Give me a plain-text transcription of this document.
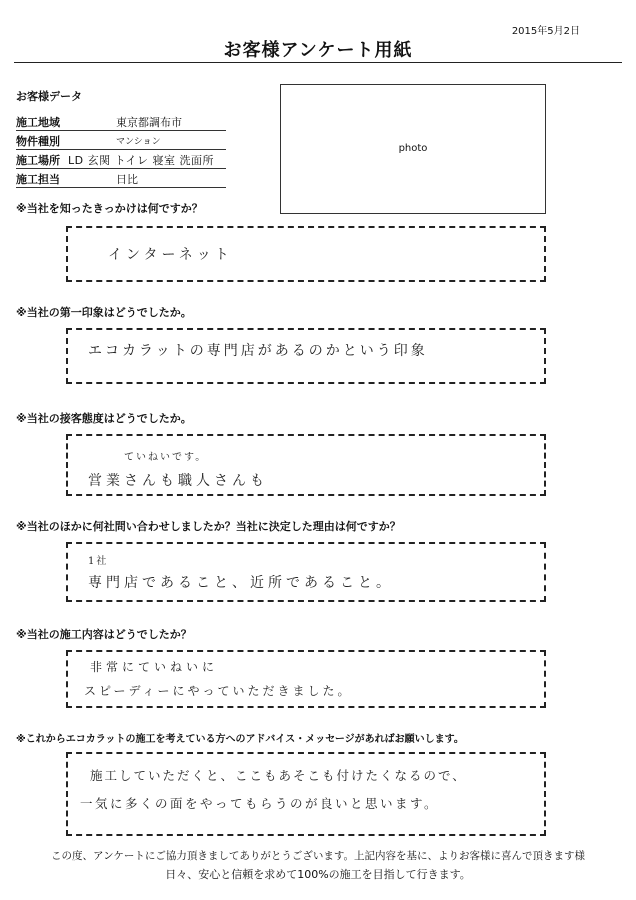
2015年5月2日
お客様アンケート用紙
お客様データ
施工地域	東京都調布市
物件種別	マンション
施工場所 LD 玄関 トイレ 寝室 洗面所
施工担当	日比
photo
※当社を知ったきっかけは何ですか？
インターネット
※当社の第一印象はどうでしたか。
エコカラットの専門店があるのかという印象
※当社の接客態度はどうでしたか。
ていねいです。
営業さんも職人さんも
※当社のほかに何社問い合わせしましたか？当社に決定した理由は何ですか？
1社
専門店であること、近所であること。
※当社の施工内容はどうでしたか？
非常にていねいに
スピーディーにやっていただきました。
※これからエコカラットの施工を考えている方へのアドバイス・メッセージがあればお願いします。
施工していただくと、ここもあそこも付けたくなるので、
一気に多くの面をやってもらうのが良いと思います。
この度、アンケートにご協力頂きましてありがとうございます。上記内容を基に、よりお客様に喜んで頂きます様
日々、安心と信頼を求めて100%の施工を目指して行きます。
